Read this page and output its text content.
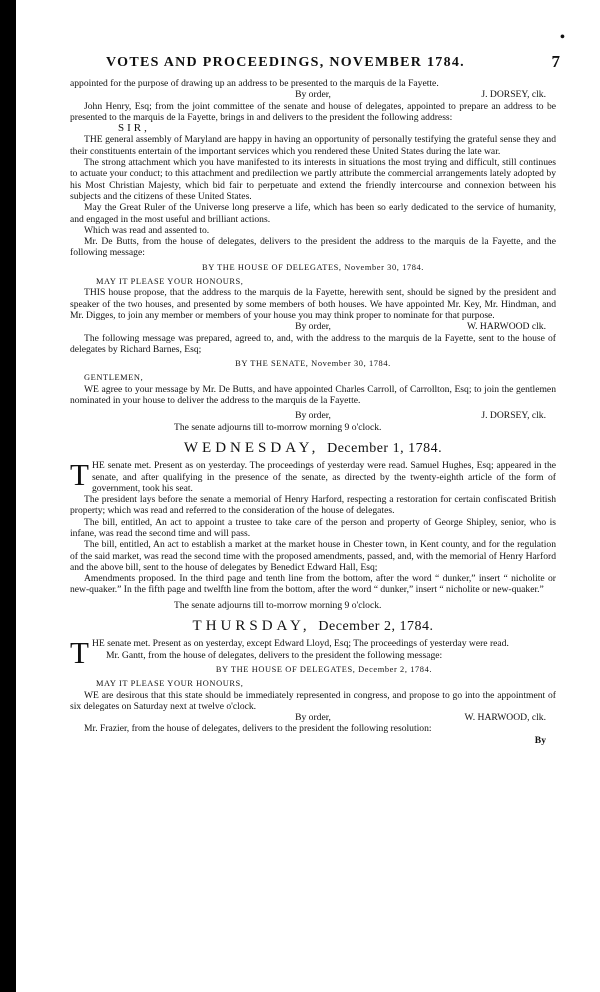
•
VOTES AND PROCEEDINGS, NOVEMBER 1784.	7

appointed for the purpose of drawing up an address to be presented to the marquis de la Fayette.

By order,	J. DORSEY, clk.

John Henry, Esq; from the joint committee of the senate and house of delegates, appointed to prepare an address to be presented to the marquis de la Fayette, brings in and delivers to the president the following address:

SIR,

THE general assembly of Maryland are happy in having an opportunity of personally testifying the grateful sense they and their constituents entertain of the important services which you rendered these United States during the late war.

The strong attachment which you have manifested to its interests in situations the most trying and difficult, still continues to actuate your conduct; to this attachment and predilection we partly attribute the commercial arrangements lately adopted by his Most Christian Majesty, which bid fair to perpetuate and extend the friendly intercourse and connexion between his subjects and the citizens of these United States.

May the Great Ruler of the Universe long preserve a life, which has been so early dedicated to the service of humanity, and engaged in the most useful and brilliant actions.

Which was read and assented to.

Mr. De Butts, from the house of delegates, delivers to the president the address to the marquis de la Fayette, and the following message:

BY THE HOUSE OF DELEGATES, November 30, 1784.
MAY IT PLEASE YOUR HONOURS,

THIS house propose, that the address to the marquis de la Fayette, herewith sent, should be signed by the president and speaker of the two houses, and presented by some members of both houses. We have appointed Mr. Key, Mr. Hindman, and Mr. Digges, to join any member or members of your house you may think proper to nominate for that purpose.

By order,	W. HARWOOD clk.

The following message was prepared, agreed to, and, with the address to the marquis de la Fayette, sent to the house of delegates by Richard Barnes, Esq;

BY THE SENATE, November 30, 1784.
GENTLEMEN,

WE agree to your message by Mr. De Butts, and have appointed Charles Carroll, of Carrollton, Esq; to join the gentlemen nominated in your house to deliver the address to the marquis de la Fayette.

By order,	J. DORSEY, clk.
The senate adjourns till to-morrow morning 9 o'clock.
WEDNESDAY, December 1, 1784.

THE senate met. Present as on yesterday. The proceedings of yesterday were read. Samuel Hughes, Esq; appeared in the senate, and after qualifying in the presence of the senate, as directed by the twenty-eighth article of the form of government, took his seat.

The president lays before the senate a memorial of Henry Harford, respecting a restoration for certain confiscated British property; which was read and referred to the consideration of the house of delegates.

The bill, entitled, An act to appoint a trustee to take care of the person and property of George Shipley, senior, who is infane, was read the second time and will pass.

The bill, entitled, An act to establish a market at the market house in Chester town, in Kent county, and for the regulation of the said market, was read the second time with the proposed amendments, passed, and, with the memorial of Henry Harford and the above bill, sent to the house of delegates by Benedict Edward Hall, Esq;

Amendments proposed. In the third page and tenth line from the bottom, after the word “ dunker,” insert “ nicholite or new-quaker.” In the fifth page and twelfth line from the bottom, after the word “ dunker,” insert “ nicholite or new-quaker.”

The senate adjourns till to-morrow morning 9 o'clock.
THURSDAY, December 2, 1784.

THE senate met. Present as on yesterday, except Edward Lloyd, Esq; The proceedings of yesterday were read.

Mr. Gantt, from the house of delegates, delivers to the president the following message:

BY THE HOUSE OF DELEGATES, December 2, 1784.
MAY IT PLEASE YOUR HONOURS,

WE are desirous that this state should be immediately represented in congress, and propose to go into the appointment of six delegates on Saturday next at twelve o'clock.

By order,	W. HARWOOD, clk.

Mr. Frazier, from the house of delegates, delivers to the president the following resolution:

By
